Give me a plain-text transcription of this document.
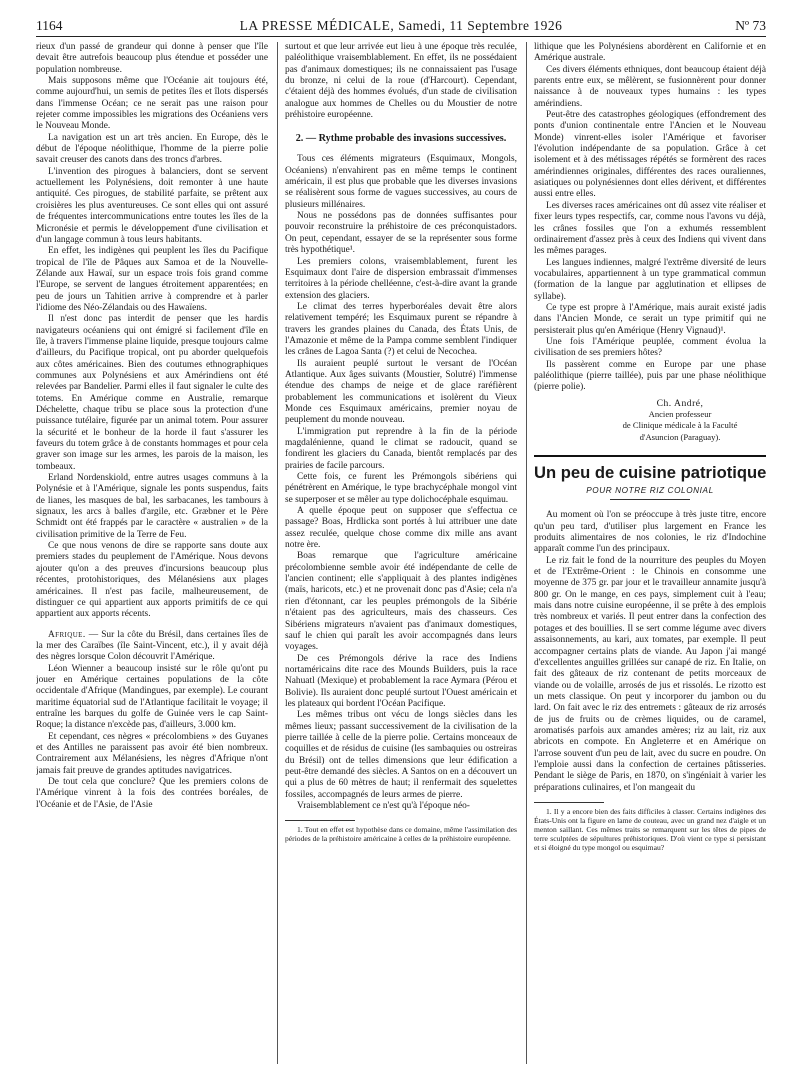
1164	LA PRESSE MÉDICALE, Samedi, 11 Septembre 1926	Nº 73

rieux d'un passé de grandeur qui donne à penser que l'île devait être autrefois beaucoup plus étendue et posséder une population nombreuse.

Mais supposons même que l'Océanie ait toujours été, comme aujourd'hui, un semis de petites îles et îlots dispersés dans l'immense Océan; ce ne serait pas une raison pour rejeter comme impossibles les migrations des Océaniens vers le Nouveau Monde.

La navigation est un art très ancien. En Europe, dès le début de l'époque néolithique, l'homme de la pierre polie savait creuser des canots dans des troncs d'arbres.

L'invention des pirogues à balanciers, dont se servent actuellement les Polynésiens, doit remonter à une haute antiquité. Ces pirogues, de stabilité parfaite, se prêtent aux croisières les plus aventureuses. Ce sont elles qui ont assuré de fréquentes intercommunications entre toutes les îles de la Micronésie et permis le développement d'une civilisation et d'un langage commun à tous leurs habitants.

En effet, les indigènes qui peuplent les îles du Pacifique tropical de l'île de Pâques aux Samoa et de la Nouvelle-Zélande aux Hawaï, sur un espace trois fois grand comme l'Europe, se servent de langues étroitement apparentées; en peu de jours un Tahitien arrive à comprendre et à parler l'idiome des Néo-Zélandais ou des Hawaïens.

Il n'est donc pas interdit de penser que les hardis navigateurs océaniens qui ont émigré si facilement d'île en île, à travers l'immense plaine liquide, presque toujours calme d'ailleurs, du Pacifique tropical, ont pu aborder quelquefois aux côtes américaines. Bien des coutumes ethnographiques communes aux Polynésiens et aux Amérindiens ont été relevées par Bandelier. Parmi elles il faut signaler le culte des totems. En Amérique comme en Australie, remarque Déchelette, chaque tribu se place sous la protection d'une puissance tutélaire, figurée par un animal totem. Pour assurer la sécurité et le bonheur de la horde il faut s'assurer les faveurs du totem grâce à de constants hommages et pour cela graver son image sur les armes, les parois de la maison, les tombeaux.

Erland Nordenskiold, entre autres usages communs à la Polynésie et à l'Amérique, signale les ponts suspendus, faits de lianes, les masques de bal, les sarbacanes, les tambours à signaux, les arcs à balles d'argile, etc. Græbner et le Père Schmidt ont été frappés par le caractère « australien » de la civilisation primitive de la Terre de Feu.

Ce que nous venons de dire se rapporte sans doute aux premiers stades du peuplement de l'Amérique. Nous devons ajouter qu'on a des preuves d'incursions beaucoup plus récentes, protohistoriques, des Mélanésiens aux plages américaines. Il n'est pas facile, malheureusement, de distinguer ce qui appartient aux apports primitifs de ce qui appartient aux apports récents.

Afrique. — Sur la côte du Brésil, dans certaines îles de la mer des Caraïbes (île Saint-Vincent, etc.), il y avait déjà des nègres lorsque Colon découvrit l'Amérique.

Léon Wienner a beaucoup insisté sur le rôle qu'ont pu jouer en Amérique certaines populations de la côte occidentale d'Afrique (Mandingues, par exemple). Le courant maritime équatorial sud de l'Atlantique facilitait le voyage; il entraîne les barques du golfe de Guinée vers le cap Saint-Roque; la distance n'excède pas, d'ailleurs, 3.000 km.

Et cependant, ces nègres « précolombiens » des Guyanes et des Antilles ne paraissent pas avoir été bien nombreux. Contrairement aux Mélanésiens, les nègres d'Afrique n'ont jamais fait preuve de grandes aptitudes navigatrices.

De tout cela que conclure? Que les premiers colons de l'Amérique vinrent à la fois des contrées boréales, de l'Océanie et de l'Asie, de l'Asie

surtout et que leur arrivée eut lieu à une époque très reculée, paléolithique vraisemblablement. En effet, ils ne possédaient pas d'animaux domestiques; ils ne connaissaient pas l'usage du bronze, ni celui de la roue (d'Harcourt). Cependant, c'étaient déjà des hommes évolués, d'un stade de civilisation analogue aux hommes de Chelles ou du Moustier de notre préhistoire européenne.

2. — Rythme probable des invasions successives.

Tous ces éléments migrateurs (Esquimaux, Mongols, Océaniens) n'envahirent pas en même temps le continent américain, il est plus que probable que les diverses invasions se réalisèrent sous forme de vagues successives, au cours de plusieurs millénaires.

Nous ne possédons pas de données suffisantes pour pouvoir reconstruire la préhistoire de ces préconquistadors. On peut, cependant, essayer de se la représenter sous forme très hypothétique¹.

Les premiers colons, vraisemblablement, furent les Esquimaux dont l'aire de dispersion embrassait d'immenses territoires à la période chelléenne, c'est-à-dire avant la grande extension des glaciers.

Le climat des terres hyperboréales devait être alors relativement tempéré; les Esquimaux purent se répandre à travers les grandes plaines du Canada, des États Unis, de l'Amazonie et même de la Pampa comme semblent l'indiquer les crânes de Lagoa Santa (?) et celui de Necochea.

Ils auraient peuplé surtout le versant de l'Océan Atlantique. Aux âges suivants (Moustier, Solutré) l'immense étendue des champs de neige et de glace raréfièrent probablement les communications et isolèrent du Vieux Monde ces Esquimaux américains, premier noyau de peuplement du monde nouveau.

L'immigration put reprendre à la fin de la période magdalénienne, quand le climat se radoucit, quand se fondirent les glaciers du Canada, bientôt remplacés par des prairies de facile parcours.

Cette fois, ce furent les Prémongols sibériens qui pénétrèrent en Amérique, le type brachycéphale mongol vint se superposer et se mêler au type dolichocéphale esquimau.

A quelle époque peut on supposer que s'effectua ce passage? Boas, Hrdlicka sont portés à lui attribuer une date assez reculée, quelque chose comme dix mille ans avant notre ère.

Boas remarque que l'agriculture américaine précolombienne semble avoir été indépendante de celle de l'ancien continent; elle s'appliquait à des plantes indigènes (maïs, haricots, etc.) et ne provenait donc pas d'Asie; cela n'a rien d'étonnant, car les peuples prémongols de la Sibérie n'étaient pas des agriculteurs, mais des chasseurs. Ces Sibériens migrateurs n'avaient pas d'animaux domestiques, sauf le chien qui paraît les avoir accompagnés dans leurs voyages.

De ces Prémongols dérive la race des Indiens nortaméricains dite race des Mounds Builders, puis la race Nahuatl (Mexique) et probablement la race Aymara (Pérou et Bolivie). Ils auraient donc peuplé surtout l'Ouest américain et les plateaux qui bordent l'Océan Pacifique.

Les mêmes tribus ont vécu de longs siècles dans les mêmes lieux; passant successivement de la civilisation de la pierre taillée à celle de la pierre polie. Certains monceaux de coquilles et de résidus de cuisine (les sambaquies ou ostreiras du Brésil) ont de telles dimensions que leur édification a peut-être demandé des siècles. A Santos on en a découvert un qui a plus de 60 mètres de haut; il renfermait des squelettes fossiles, accompagnés de leurs armes de pierre.

Vraisemblablement ce n'est qu'à l'époque néo-

1. Tout en effet est hypothèse dans ce domaine, même l'assimilation des périodes de la préhistoire américaine à celles de la préhistoire européenne.

lithique que les Polynésiens abordèrent en Californie et en Amérique australe.

Ces divers éléments ethniques, dont beaucoup étaient déjà parents entre eux, se mêlèrent, se fusionnèrent pour donner naissance à de nouveaux types humains : les types amérindiens.

Peut-être des catastrophes géologiques (effondrement des ponts d'union continentale entre l'Ancien et le Nouveau Monde) vinrent-elles isoler l'Amérique et favoriser l'évolution indépendante de sa population. Grâce à cet isolement et à des métissages répétés se formèrent des races amérindiennes originales, différentes des races ouraliennes, asiatiques ou polynésiennes dont elles dérivent, et différentes aussi entre elles.

Les diverses races américaines ont dû assez vite réaliser et fixer leurs types respectifs, car, comme nous l'avons vu déjà, les crânes fossiles que l'on a exhumés ressemblent ordinairement d'assez près à ceux des Indiens qui vivent dans les mêmes parages.

Les langues indiennes, malgré l'extrême diversité de leurs vocabulaires, appartiennent à un type grammatical commun (formation de la langue par agglutination et ellipses de syllabe).

Ce type est propre à l'Amérique, mais aurait existé jadis dans l'Ancien Monde, ce serait un type primitif qui ne persisterait plus qu'en Amérique (Henry Vignaud)¹.

Une fois l'Amérique peuplée, comment évolua la civilisation de ses premiers hôtes?

Ils passèrent comme en Europe par une phase paléolithique (pierre taillée), puis par une phase néolithique (pierre polie).

Ch. André,
Ancien professeur
de Clinique médicale à la Faculté
d'Asuncion (Paraguay).
Un peu de cuisine patriotique
POUR NOTRE RIZ COLONIAL

Au moment où l'on se préoccupe à très juste titre, encore qu'un peu tard, d'utiliser plus largement en France les produits alimentaires de nos colonies, le riz d'Indochine apparaît comme l'un des principaux.

Le riz fait le fond de la nourriture des peuples du Moyen et de l'Extrême-Orient : le Chinois en consomme une moyenne de 375 gr. par jour et le travailleur annamite jusqu'à 800 gr. On le mange, en ces pays, simplement cuit à l'eau; mais dans notre cuisine européenne, il se prête à des emplois très nombreux et variés. Il peut entrer dans la confection des potages et des bouillies. Il se sert comme légume avec divers assaisonnements, au kari, aux tomates, par exemple. Il peut accompagner certains plats de viande. Au Japon j'ai mangé d'excellentes anguilles grillées sur canapé de riz. En Italie, on fait des gâteaux de riz contenant de petits morceaux de viande ou de volaille, arrosés de jus et rissolés. Le rizotto est un mets classique. On peut y incorporer du jambon ou du lard. On fait avec le riz des entremets : gâteaux de riz arrosés de jus de fruits ou de crèmes liquides, ou de caramel, aromatisés parfois aux amandes amères; riz au lait, riz aux abricots en compote. En Angleterre et en Amérique on l'arrose souvent d'un peu de lait, avec du sucre en poudre. On l'emploie aussi dans la confection de certaines pâtisseries. Pendant le siège de Paris, en 1870, on s'ingéniait à varier les préparations culinaires, et l'on mangeait du

1. Il y a encore bien des faits difficiles à classer. Certains indigènes des États-Unis ont la figure en lame de couteau, avec un grand nez d'aigle et un menton saillant. Ces mêmes traits se remarquent sur les têtes de pipes de terre sculptées de sépultures préhistoriques. D'où vient ce type si persistant et si éloigné du type mongol ou esquimau?
